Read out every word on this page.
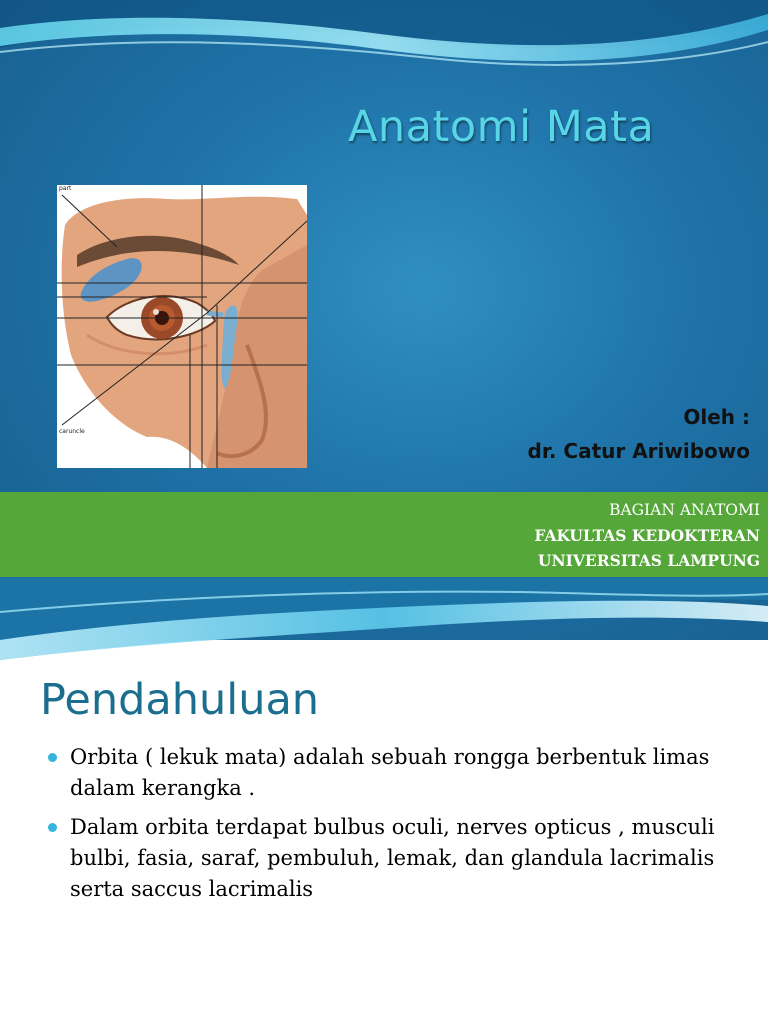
Anatomi Mata
part
caruncle
Oleh :
dr. Catur Ariwibowo
BAGIAN ANATOMI
FAKULTAS KEDOKTERAN
UNIVERSITAS LAMPUNG
Pendahuluan
Orbita ( lekuk mata) adalah sebuah rongga berbentuk limas dalam kerangka .
Dalam orbita terdapat bulbus oculi, nerves opticus , musculi bulbi, fasia, saraf, pembuluh, lemak, dan glandula lacrimalis serta saccus lacrimalis
